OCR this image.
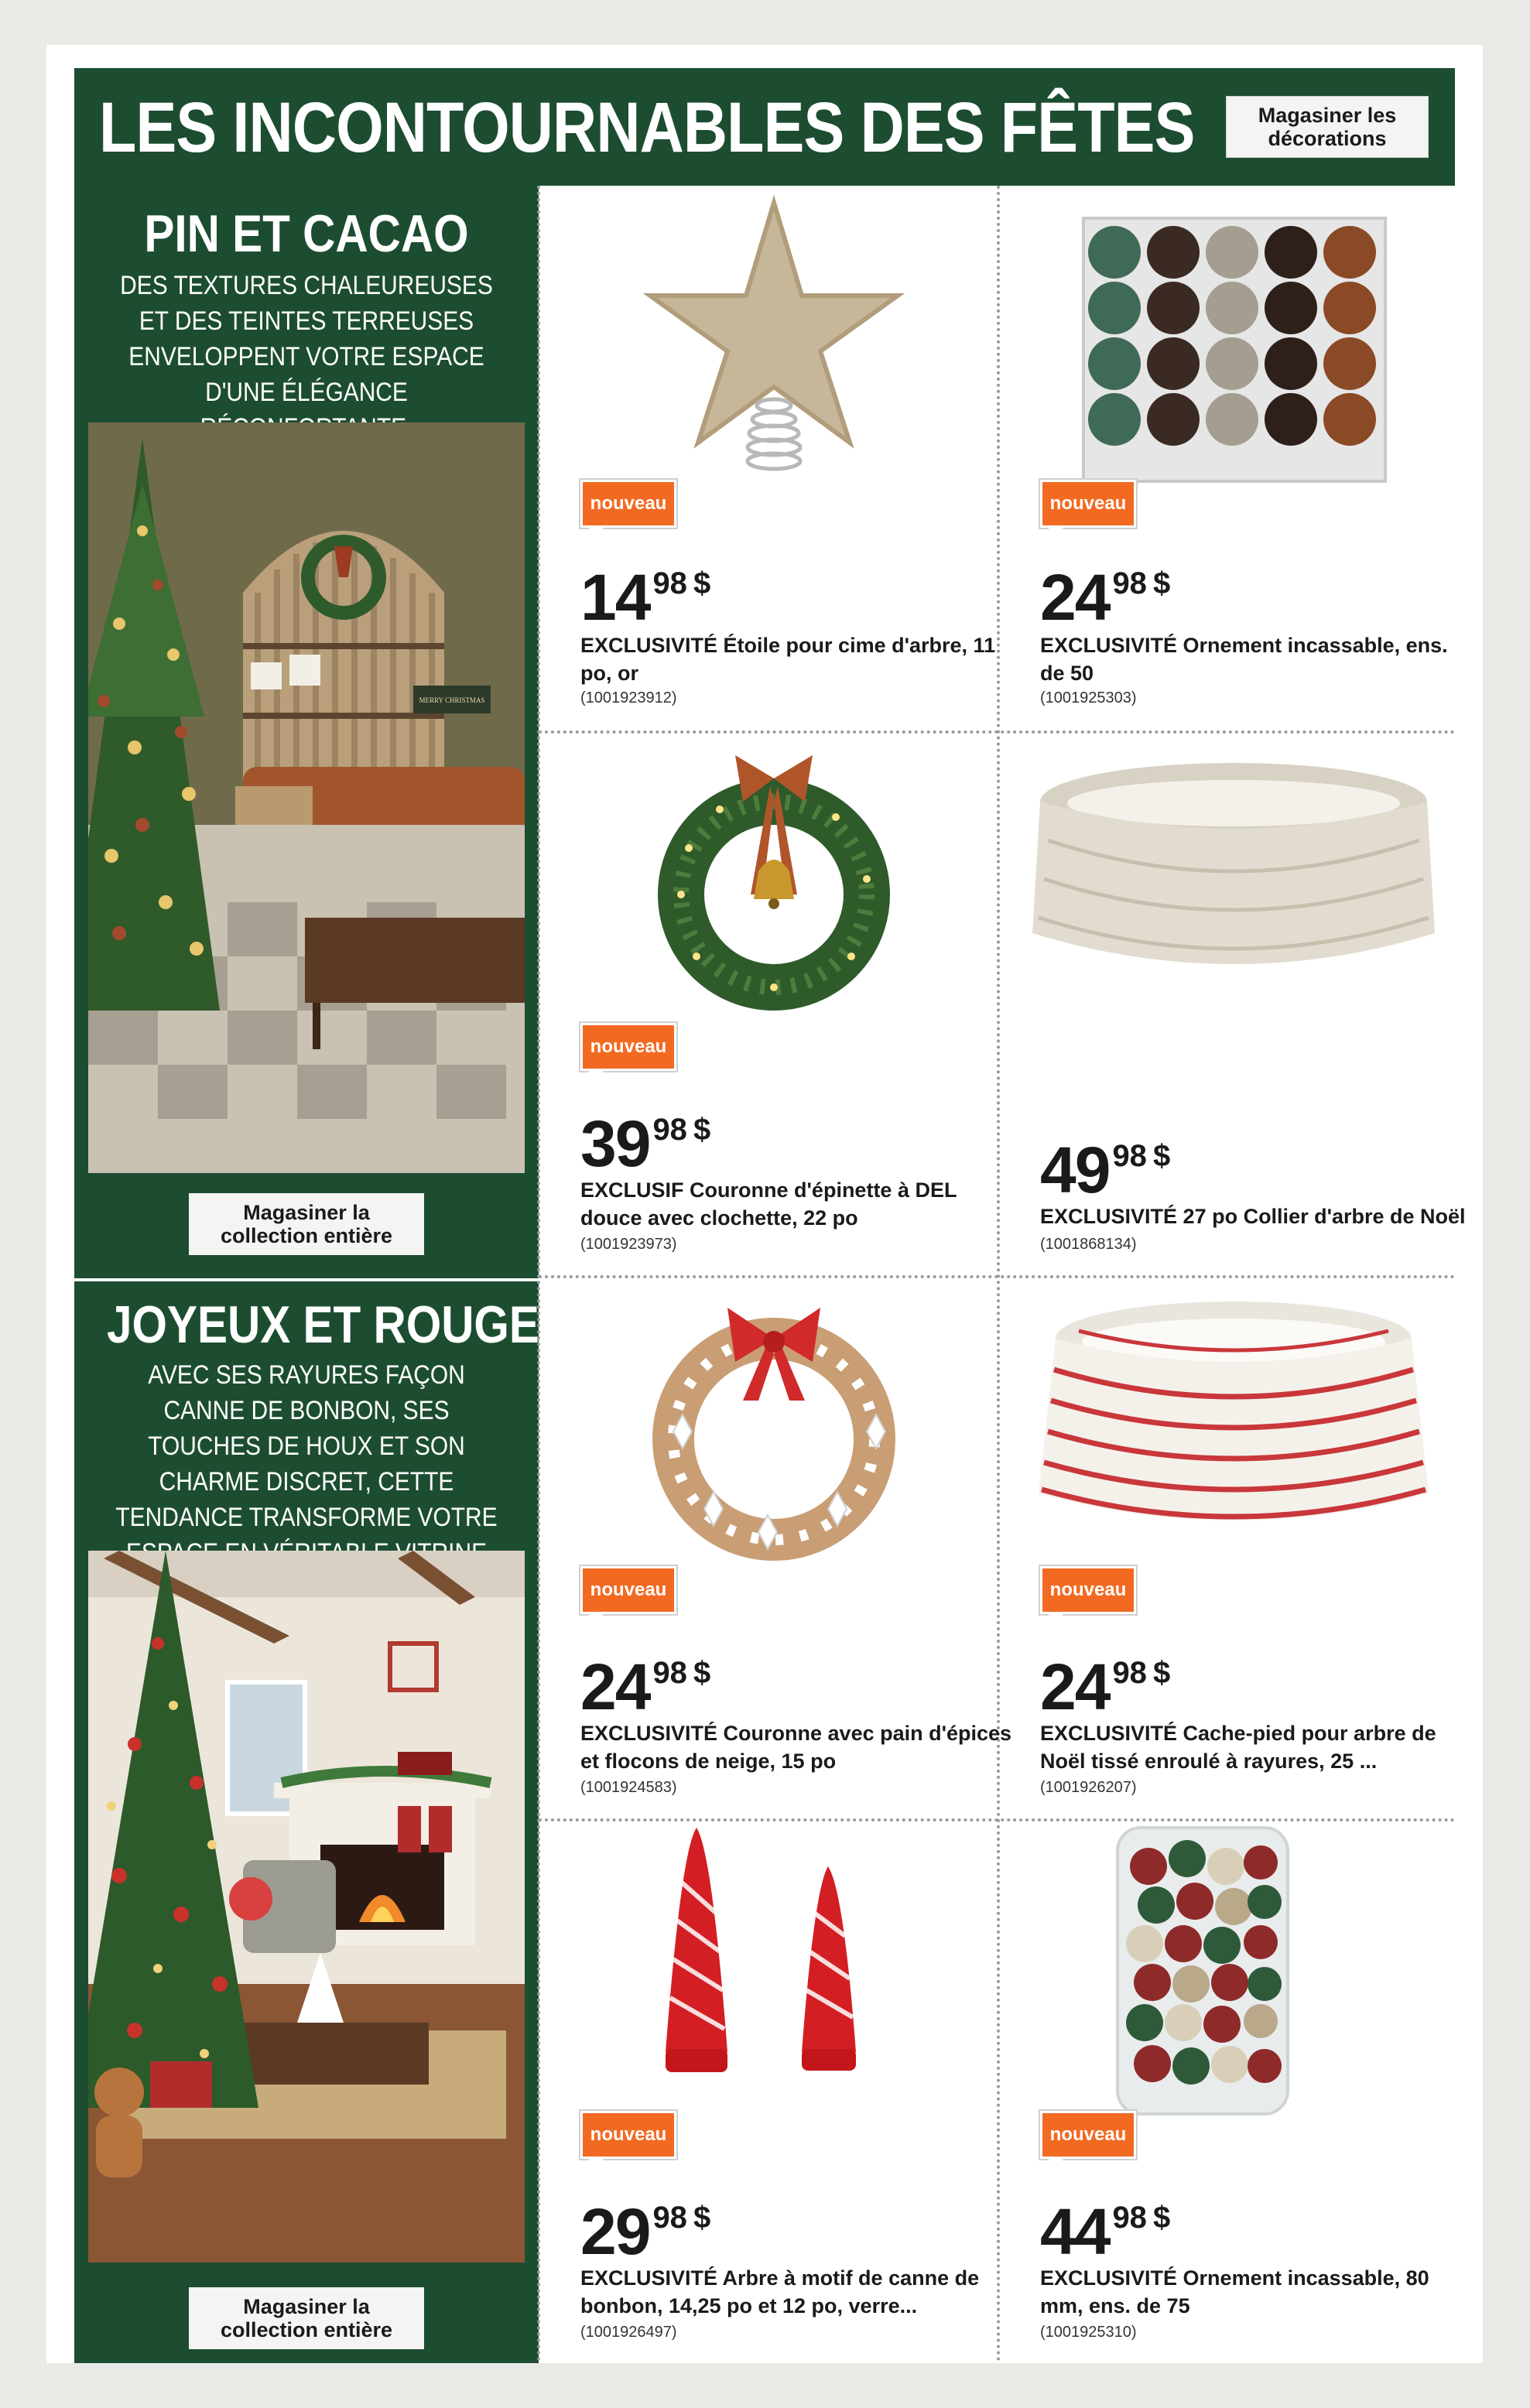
LES INCONTOURNABLES DES FÊTES	Magasiner les
décorations
PIN ET CACAO
DES TEXTURES CHALEUREUSES ET DES TEINTES TERREUSES ENVELOPPENT VOTRE ESPACE D'UNE ÉLÉGANCE
MERRY CHRISTMAS
Magasiner la
collection entière
JOYEUX ET ROUGE
AVEC SES RAYURES FAÇON CANNE DE BONBON, SES TOUCHES DE HOUX ET SON CHARME DISCRET, CETTE TENDANCE TRANSFORME VOTRE
Magasiner la
collection entière
nouveau
14 98 $
EXCLUSIVITÉ Étoile pour cime d'arbre, 11 po, or
(1001923912)
nouveau
24 98 $
EXCLUSIVITÉ Ornement incassable, ens. de 50
(1001925303)
nouveau
39 98 $
EXCLUSIF Couronne d'épinette à DEL douce avec clochette, 22 po
(1001923973)
49 98 $
EXCLUSIVITÉ 27 po Collier d'arbre de Noël
(1001868134)
nouveau
24 98 $
EXCLUSIVITÉ Couronne avec pain d'épices et flocons de neige, 15 po
(1001924583)
nouveau
24 98 $
EXCLUSIVITÉ Cache-pied pour arbre de Noël tissé enroulé à rayures, 25 ...
(1001926207)
nouveau
29 98 $
EXCLUSIVITÉ Arbre à motif de canne de bonbon, 14,25 po et 12 po, verre...
(1001926497)
nouveau
44 98 $
EXCLUSIVITÉ Ornement incassable, 80 mm, ens. de 75
(1001925310)
